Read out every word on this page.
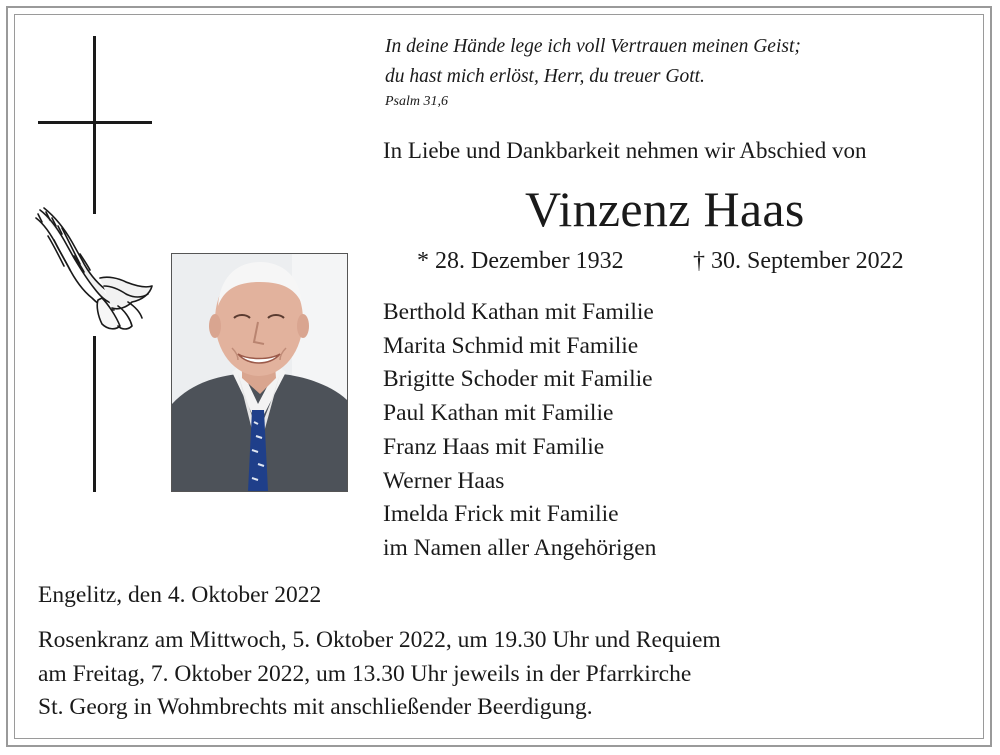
In deine Hände lege ich voll Vertrauen meinen Geist;
du hast mich erlöst, Herr, du treuer Gott.
Psalm 31,6
In Liebe und Dankbarkeit nehmen wir Abschied von
Vinzenz Haas
* 28. Dezember 1932	† 30. September 2022
Berthold Kathan mit Familie
Marita Schmid mit Familie
Brigitte Schoder mit Familie
Paul Kathan mit Familie
Franz Haas mit Familie
Werner Haas
Imelda Frick mit Familie
im Namen aller Angehörigen
Engelitz, den 4. Oktober 2022
Rosenkranz am Mittwoch, 5. Oktober 2022, um 19.30 Uhr und Requiem
am Freitag, 7. Oktober 2022, um 13.30 Uhr jeweils in der Pfarrkirche
St. Georg in Wohmbrechts mit anschließender Beerdigung.
